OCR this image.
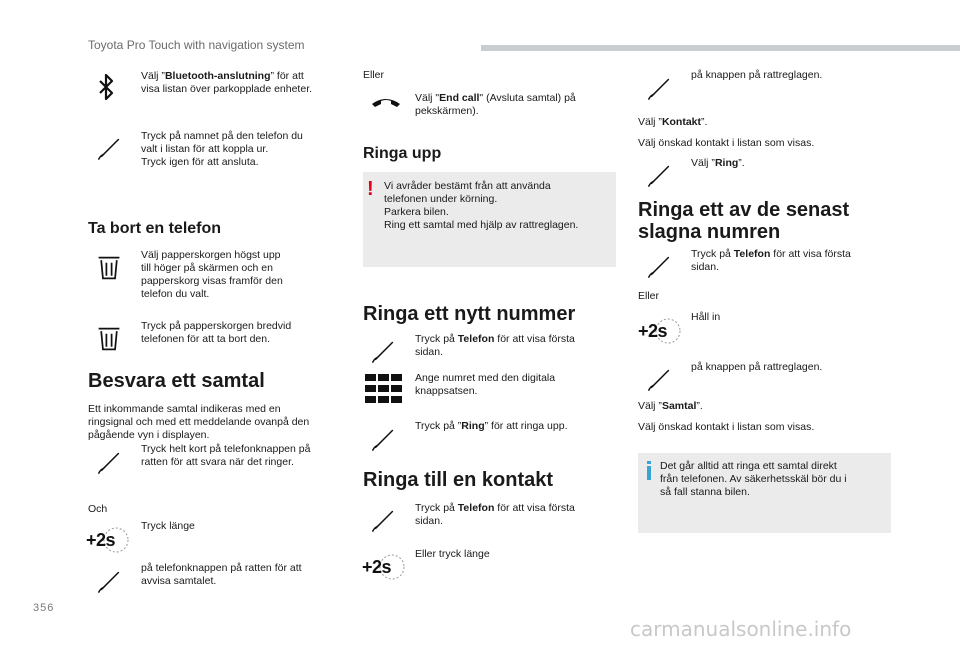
Toyota Pro Touch with navigation system
Välj ”Bluetooth-anslutning” för att
visa listan över parkopplade enheter.
Tryck på namnet på den telefon du
valt i listan för att koppla ur.
Tryck igen för att ansluta.
Ta bort en telefon
Välj papperskorgen högst upp
till höger på skärmen och en
papperskorg visas framför den
telefon du valt.
Tryck på papperskorgen bredvid
telefonen för att ta bort den.
Besvara ett samtal
Ett inkommande samtal indikeras med en
ringsignal och med ett meddelande ovanpå den
pågående vyn i displayen.
Tryck helt kort på telefonknappen på
ratten för att svara när det ringer.
Och
+2s
Tryck länge
på telefonknappen på ratten för att
avvisa samtalet.
Eller
Välj "End call" (Avsluta samtal) på
pekskärmen).
Ringa upp
! Vi avråder bestämt från att använda
telefonen under körning.
Parkera bilen.
Ring ett samtal med hjälp av rattreglagen.
Ringa ett nytt nummer
Tryck på Telefon för att visa första
sidan.
Ange numret med den digitala
knappsatsen.
Tryck på ”Ring” för att ringa upp.
Ringa till en kontakt
Tryck på Telefon för att visa första
sidan.
+2s
Eller tryck länge
på knappen på rattreglagen.
Välj ”Kontakt”.
Välj önskad kontakt i listan som visas.
Välj ”Ring”.
Ringa ett av de senast
slagna numren
Tryck på Telefon för att visa första
sidan.
Eller
+2s
Håll in
på knappen på rattreglagen.
Välj ”Samtal”.
Välj önskad kontakt i listan som visas.
Det går alltid att ringa ett samtal direkt
från telefonen. Av säkerhetsskäl bör du i
så fall stanna bilen.
356
carmanualsonline.info
